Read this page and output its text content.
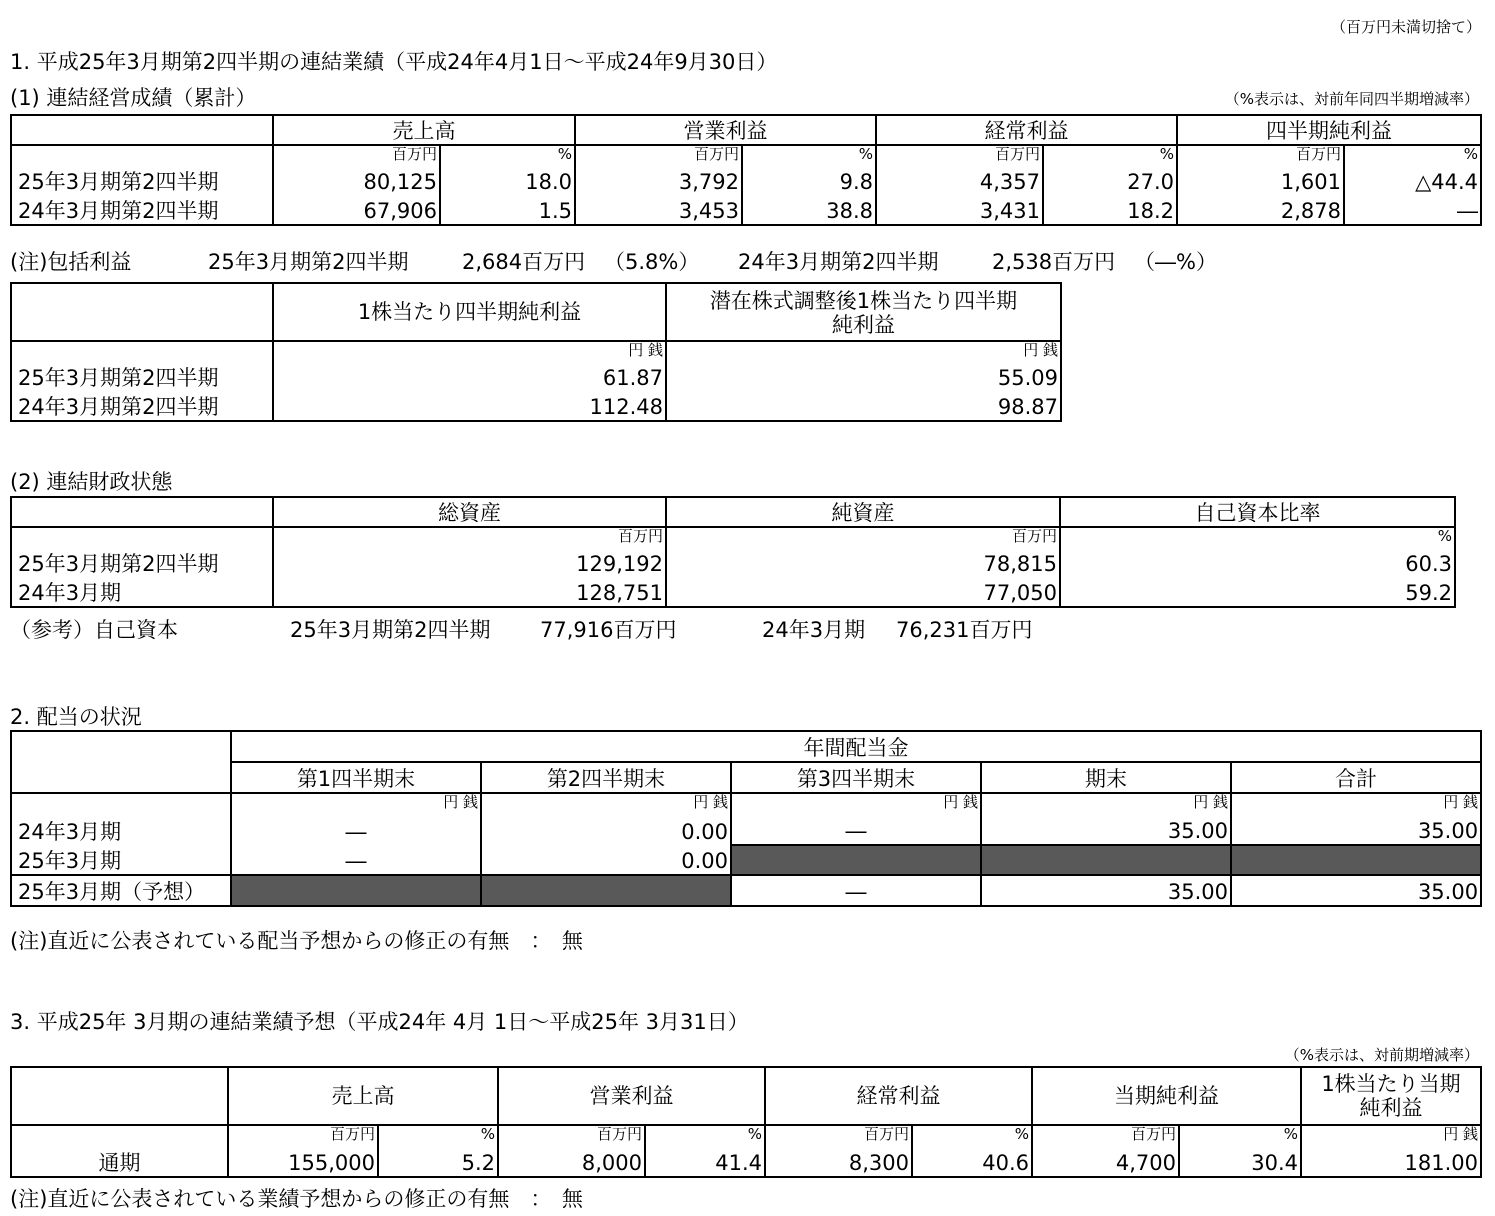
（百万円未満切捨て）
1. 平成25年3月期第2四半期の連結業績（平成24年4月1日～平成24年9月30日）
(1) 連結経営成績（累計）	（%表示は、対前年同四半期増減率）
	売上高		営業利益		経常利益		四半期純利益	
	百万円	%	百万円	%	百万円	%	百万円	%
25年3月期第2四半期	80,125	18.0	3,792	9.8	4,357	27.0	1,601	△44.4
24年3月期第2四半期	67,906	1.5	3,453	38.8	3,431	18.2	2,878	―
(注)包括利益	25年3月期第2四半期	2,684百万円 （5.8%） 24年3月期第2四半期	2,538百万円 （―%）
	1株当たり四半期純利益	潜在株式調整後1株当たり四半期
純利益

	円 銭	円 銭
25年3月期第2四半期	61.87	55.09
24年3月期第2四半期	112.48	98.87
(2) 連結財政状態
	総資産	純資産	自己資本比率
	百万円	百万円	%
25年3月期第2四半期	129,192	78,815	60.3
24年3月期	128,751	77,050	59.2
（参考）自己資本	25年3月期第2四半期 77,916百万円	24年3月期 76,231百万円
2. 配当の状況
	年間配当金				
	第1四半期末	第2四半期末	第3四半期末	期末	合計
	円 銭	円 銭	円 銭	円 銭	円 銭
24年3月期	―	0.00	―	35.00	35.00
25年3月期	―	0.00			
25年3月期（予想）			―	35.00	35.00
(注)直近に公表されている配当予想からの修正の有無　：　無
3. 平成25年 3月期の連結業績予想（平成24年 4月 1日～平成25年 3月31日）
（%表示は、対前期増減率）
	売上高		営業利益		経常利益		当期純利益		1株当たり当期
純利益

	百万円	%	百万円	%	百万円	%	百万円	%	円 銭
通期	155,000	5.2	8,000	41.4	8,300	40.6	4,700	30.4	181.00
(注)直近に公表されている業績予想からの修正の有無　：　無
